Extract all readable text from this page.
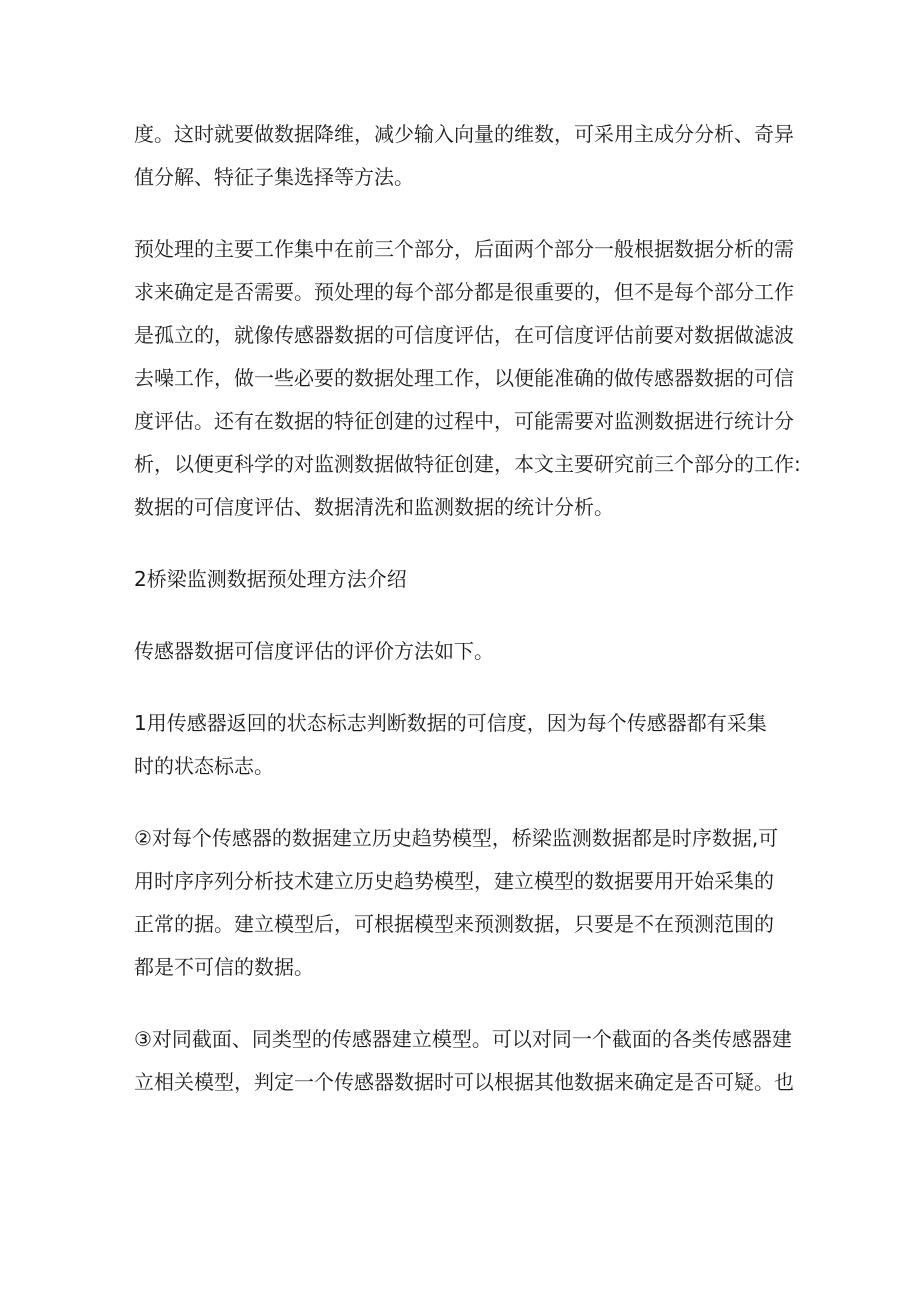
度。这时就要做数据降维，减少输入向量的维数，可采用主成分分析、奇异
值分解、特征子集选择等方法。
预处理的主要工作集中在前三个部分，后面两个部分一般根据数据分析的需
求来确定是否需要。预处理的每个部分都是很重要的，但不是每个部分工作
是孤立的，就像传感器数据的可信度评估，在可信度评估前要对数据做滤波
去噪工作，做一些必要的数据处理工作，以便能准确的做传感器数据的可信
度评估。还有在数据的特征创建的过程中，可能需要对监测数据进行统计分
析，以便更科学的对监测数据做特征创建，本文主要研究前三个部分的工作:
数据的可信度评估、数据清洗和监测数据的统计分析。
2桥梁监测数据预处理方法介绍
传感器数据可信度评估的评价方法如下。
1用传感器返回的状态标志判断数据的可信度，因为每个传感器都有采集
时的状态标志。
②对每个传感器的数据建立历史趋势模型，桥梁监测数据都是时序数据,可
用时序序列分析技术建立历史趋势模型，建立模型的数据要用开始采集的
正常的据。建立模型后，可根据模型来预测数据，只要是不在预测范围的
都是不可信的数据。
③对同截面、同类型的传感器建立模型。可以对同一个截面的各类传感器建
立相关模型，判定一个传感器数据时可以根据其他数据来确定是否可疑。也
